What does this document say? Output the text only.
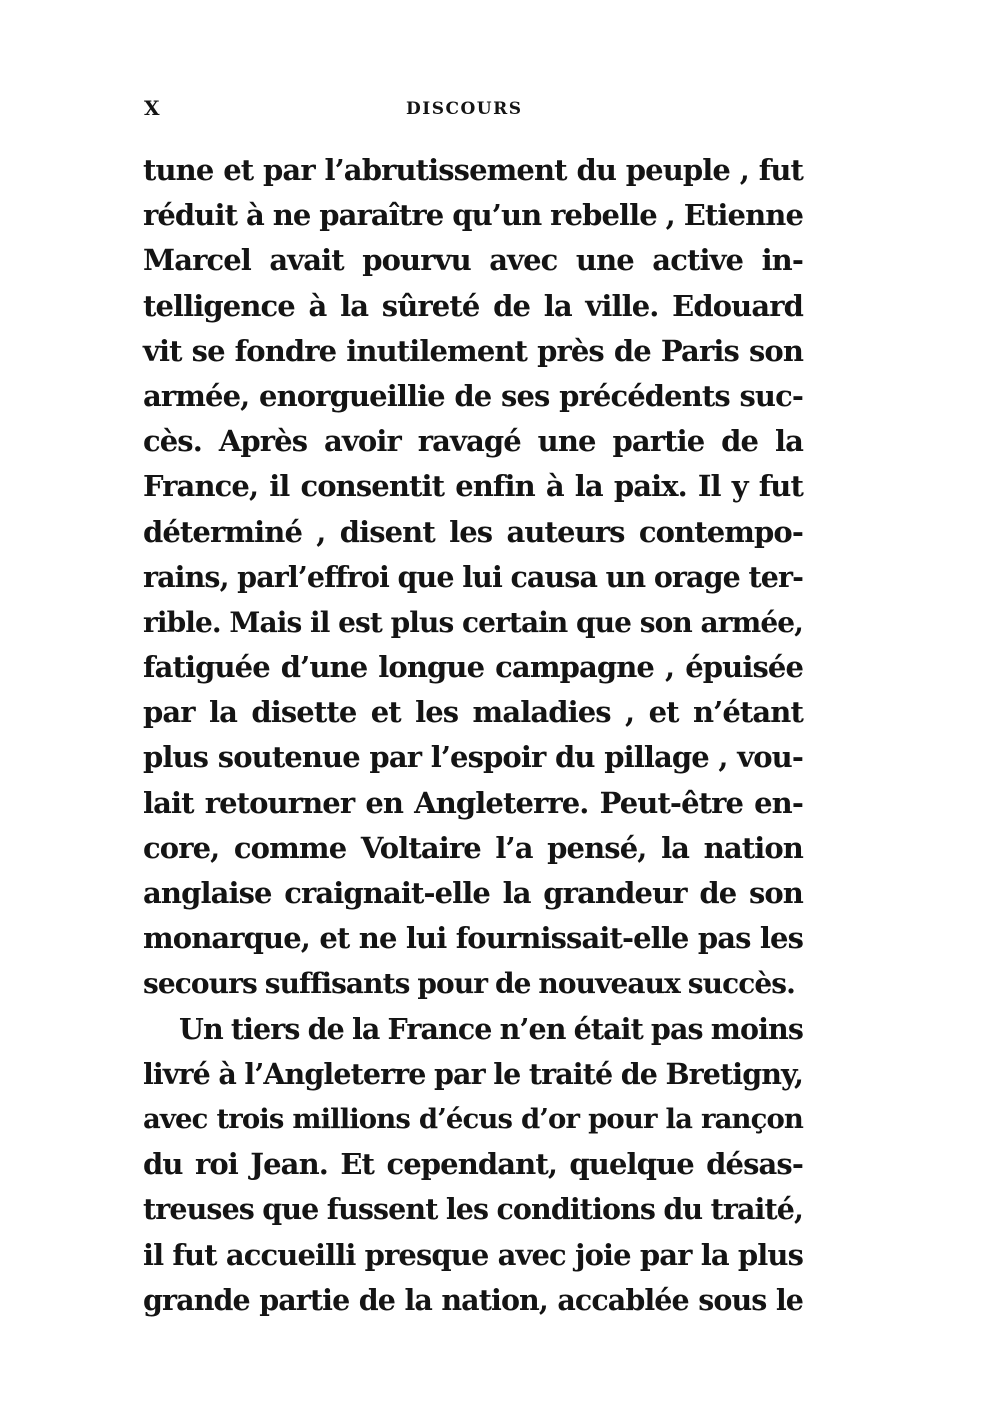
X	DISCOURS
tune et par l’abrutissement du peuple , fut
réduit à ne paraître qu’un rebelle , Etienne
Marcel avait pourvu avec une active in-
telligence à la sûreté de la ville. Edouard
vit se fondre inutilement près de Paris son
armée, enorgueillie de ses précédents suc-
cès. Après avoir ravagé une partie de la
France, il consentit enfin à la paix. Il y fut
déterminé , disent les auteurs contempo-
rains, parl’effroi que lui causa un orage ter-
rible. Mais il est plus certain que son armée,
fatiguée d’une longue campagne , épuisée
par la disette et les maladies , et n’étant
plus soutenue par l’espoir du pillage , vou-
lait retourner en Angleterre. Peut-être en-
core, comme Voltaire l’a pensé, la nation
anglaise craignait-elle la grandeur de son
monarque, et ne lui fournissait-elle pas les
secours suffisants pour de nouveaux succès.
Un tiers de la France n’en était pas moins
livré à l’Angleterre par le traité de Bretigny,
avec trois millions d’écus d’or pour la rançon
du roi Jean. Et cependant, quelque désas-
treuses que fussent les conditions du traité,
il fut accueilli presque avec joie par la plus
grande partie de la nation, accablée sous le
